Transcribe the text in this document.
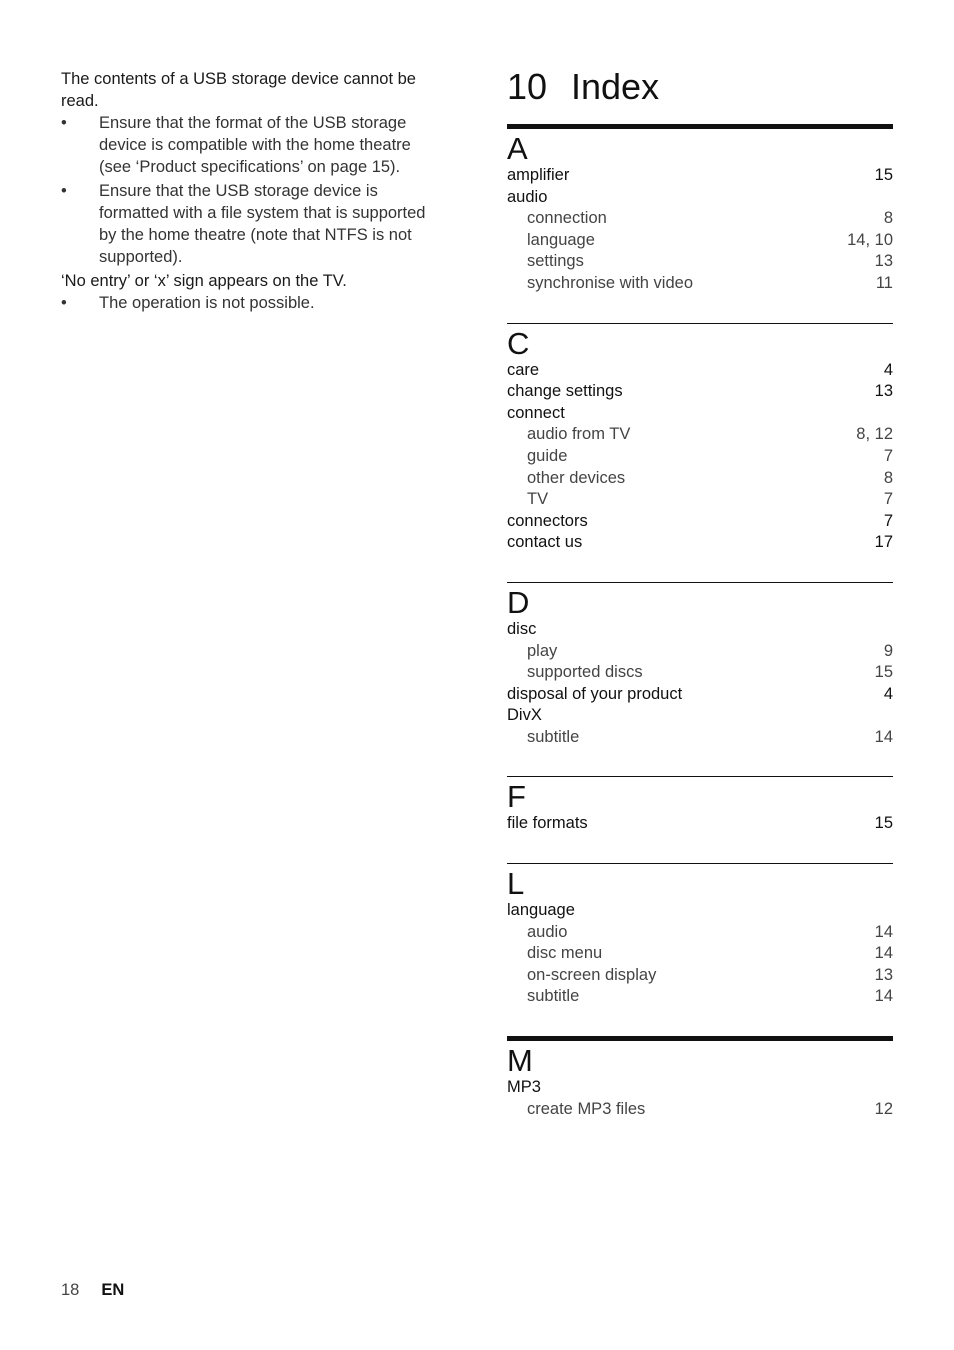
The contents of a USB storage device cannot be read.

• Ensure that the format of the USB storage device is compatible with the home theatre (see ‘Product specifications’ on page 15).
• Ensure that the USB storage device is formatted with a file system that is supported by the home theatre (note that NTFS is not supported).

‘No entry’ or ‘x’ sign appears on the TV.

• The operation is not possible.
10 Index
A
amplifier	15
audio
connection	8
language	14, 10
settings	13
synchronise with video	11
C
care	4
change settings	13
connect
audio from TV	8, 12
guide	7
other devices	8
TV	7
connectors	7
contact us	17
D
disc
play	9
supported discs	15
disposal of your product	4
DivX
subtitle	14
F
file formats	15
L
language
audio	14
disc menu	14
on-screen display	13
subtitle	14
M
MP3
create MP3 files	12
18 EN
